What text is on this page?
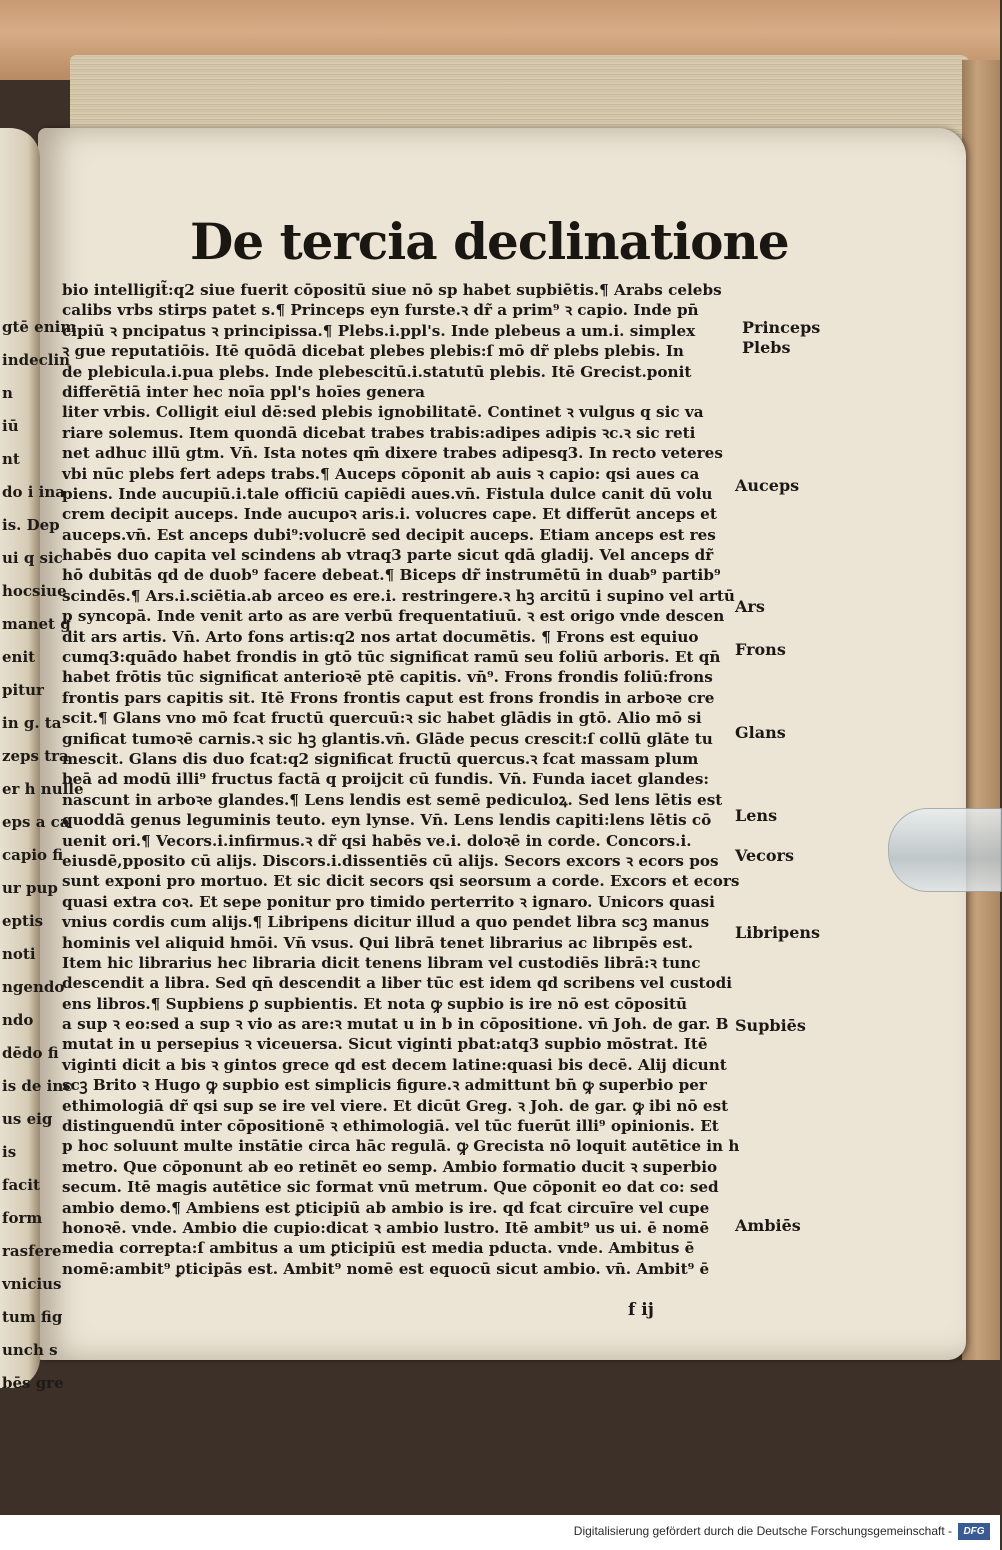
gtē enim
indeclin
n
iū
nt
do i ina
is. Dep
ui q sic
hocsiue
manet g
enit
pitur
in g. ta
zeps tra
er h nulle
eps a ca
capio fi
ur pup
eptis
noti
ngendo
ndo
dēdo fi
is de inc
us eig
is
facit
form
rasfere
vnicius
tum fig
unch s
bēs gre
De tercia declinatione
bio intelligit̃:q2 siue fuerit cōpositū siue nō sp habet supbiētis.¶ Arabs celebs
calibs vrbs stirps patet s.¶ Princeps eyn furste.ꝛ dr̃ a prim⁹ ꝛ capio. Inde pn̄
cipiū ꝛ pncipatus ꝛ principissa.¶ Plebs.i.ppl's. Inde plebeus a um.i. simplex
ꝛ gue reputatiōis. Itē quōdā dicebat plebes plebis:ſ mō dr̃ plebs plebis. In
de plebicula.i.pua plebs. Inde plebescitū.i.statutū plebis. Itē Grecist.ponit
differētiā inter hec noīa ppl's hoīes genera
liter vrbis. Colligit eiul dē:sed plebis ignobilitatē. Continet ꝛ vulgus q sic va
riare solemus. Item quondā dicebat trabes trabis:adipes adipis ꝛc.ꝛ sic reti
net adhuc illū gtm. Vn̄. Ista notes qm̄ dixere trabes adipesq3. In recto veteres
vbi nūc plebs fert adeps trabs.¶ Auceps cōponit ab auis ꝛ capio: qsi aues ca
piens. Inde aucupiū.i.tale officiū capiēdi aues.vn̄. Fistula dulce canit dū volu
crem decipit auceps. Inde aucupoꝛ aris.i. volucres cape. Et differūt anceps et
auceps.vn̄. Est anceps dubi⁹:volucrē sed decipit auceps. Etiam anceps est res
habēs duo capita vel scindens ab vtraq3 parte sicut qdā gladij. Vel anceps dr̃
hō dubitās qd de duob⁹ facere debeat.¶ Biceps dr̃ instrumētū in duab⁹ partib⁹
scindēs.¶ Ars.i.sciētia.ab arceo es ere.i. restringere.ꝛ hꝫ arcitū i supino vel artū
p syncopā. Inde venit arto as are verbū frequentatiuū. ꝛ est origo vnde descen
dit ars artis. Vn̄. Arto fons artis:q2 nos artat documētis. ¶ Frons est equiuo
cumq3:quādo habet frondis in gtō tūc significat ramū seu foliū arboris. Et qn̄
habet frōtis tūc significat anterioꝛē ptē capitis. vn̄⁹. Frons frondis foliū:frons
frontis pars capitis sit. Itē Frons frontis caput est frons frondis in arboꝛe cre
scit.¶ Glans vno mō fcat fructū quercuū:ꝛ sic habet glādis in gtō. Alio mō si
gnificat tumoꝛē carnis.ꝛ sic hꝫ glantis.vn̄. Glāde pecus crescit:ſ collū glāte tu
mescit. Glans dis duo fcat:q2 significat fructū quercus.ꝛ fcat massam plum
beā ad modū illi⁹ fructus factā q proijcit cū fundis. Vn̄. Funda iacet glandes:
nascunt in arboꝛe glandes.¶ Lens lendis est semē pediculoꝝ. Sed lens lētis est
quoddā genus leguminis teuto. eyn lynse. Vn̄. Lens lendis capiti:lens lētis cō
uenit ori.¶ Vecors.i.infirmus.ꝛ dr̃ qsi habēs ve.i. doloꝛē in corde. Concors.i.
eiusdē,pposito cū alijs. Discors.i.dissentiēs cū alijs. Secors excors ꝛ ecors pos
sunt exponi pro mortuo. Et sic dicit secors qsi seorsum a corde. Excors et ecors
quasi extra coꝛ. Et sepe ponitur pro timido perterrito ꝛ ignaro. Unicors quasi
vnius cordis cum alijs.¶ Libripens dicitur illud a quo pendet libra scꝫ manus
hominis vel aliquid hmōi. Vn̄ vsus. Qui librā tenet librarius ac librıpēs est.
Item hic librarius hec libraria dicit tenens libram vel custodiēs librā:ꝛ tunc
descendit a libra. Sed qn̄ descendit a liber tūc est idem qd scribens vel custodi
ens libros.¶ Supbiens ꝑ supbientis. Et nota ꝙ supbio is ire nō est cōpositū
a sup ꝛ eo:sed a sup ꝛ vio as are:ꝛ mutat u in b in cōpositione. vn̄ Joh. de gar. B
mutat in u persepius ꝛ viceuersa. Sicut viginti pbat:atq3 supbio mōstrat. Itē
viginti dicit a bis ꝛ gintos grece qd est decem latine:quasi bis decē. Alij dicunt
scꝫ Brito ꝛ Hugo ꝙ supbio est simplicis figure.ꝛ admittunt bn̄ ꝙ superbio per
ethimologiā dr̃ qsi sup se ire vel viere. Et dicūt Greg. ꝛ Joh. de gar. ꝙ ibi nō est
distinguendū inter cōpositionē ꝛ ethimologiā. vel tūc fuerūt illi⁹ opinionis. Et
p hoc soluunt multe instātie circa hāc regulā. ꝙ Grecista nō loquit autētice in h
metro. Que cōponunt ab eo retinēt eo semp. Ambio formatio ducit ꝛ superbio
secum. Itē magis autētice sic format vnū metrum. Que cōponit eo dat co: sed
ambio demo.¶ Ambiens est ꝑticipiū ab ambio is ire. qd fcat circuīre vel cupe
honoꝛē. vnde. Ambio die cupio:dicat ꝛ ambio lustro. Itē ambit⁹ us ui. ē nomē
media correpta:ſ ambitus a um ꝑticipiū est media pducta. vnde. Ambitus ē
nomē:ambit⁹ ꝑticipās est. Ambit⁹ nomē est equocū sicut ambio. vn̄. Ambit⁹ ē
Princeps
Plebs
Auceps
Ars
Frons
Glans
Lens
Vecors
Libripens
Supbiēs
Ambiēs
f ij
Digitalisierung gefördert durch die Deutsche Forschungsgemeinschaft -	DFG
